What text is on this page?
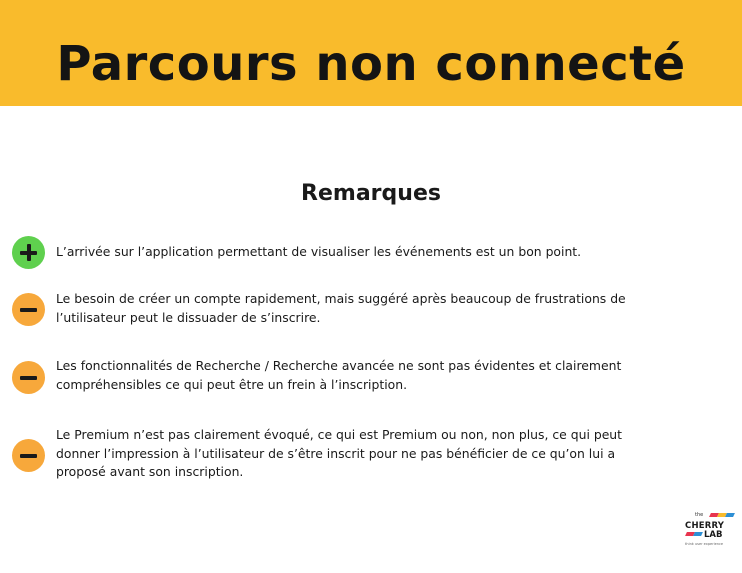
Parcours non connecté
Remarques
L’arrivée sur l’application permettant de visualiser les événements est un bon point.
Le besoin de créer un compte rapidement, mais suggéré après beaucoup de frustrations de
l’utilisateur peut le dissuader de s’inscrire.
Les fonctionnalités de Recherche / Recherche avancée ne sont pas évidentes et clairement
compréhensibles ce qui peut être un frein à l’inscription.
Le Premium n’est pas clairement évoqué, ce qui est Premium ou non, non plus, ce qui peut
donner l’impression à l’utilisateur de s’être inscrit pour ne pas bénéficier de ce qu’on lui a
proposé avant son inscription.
the
CHERRY
LAB
think user experience
